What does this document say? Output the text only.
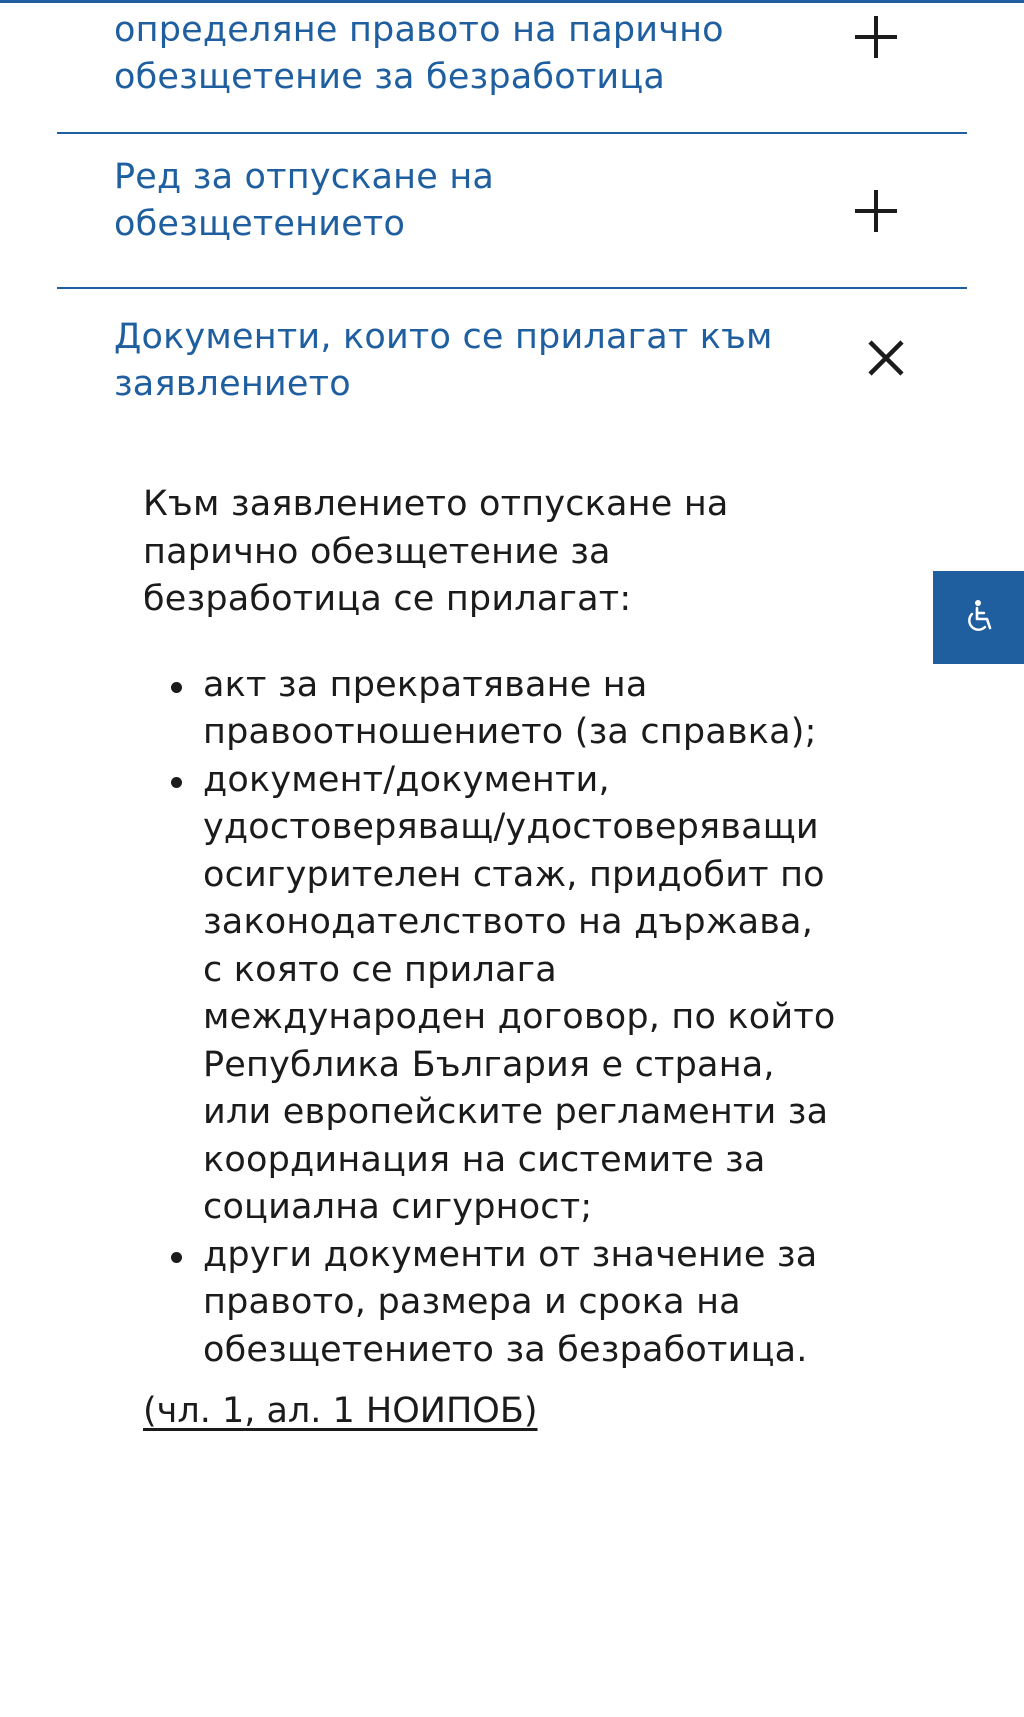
определяне правото на парично обезщетение за безработица
Ред за отпускане на обезщетението
Документи, които се прилагат към заявлението

Към заявлението отпускане на парично обезщетение за безработица се прилагат:

акт за прекратяване на правоотношението (за справка);
документ/документи, удостоверяващ/удостоверяващи осигурителен стаж, придобит по законодателството на държава, с която се прилага международен договор, по който Република България е страна, или европейските регламенти за координация на системите за социална сигурност;
други документи от значение за правото, размера и срока на обезщетението за безработица.
(чл. 1, ал. 1 НОИПОБ)
